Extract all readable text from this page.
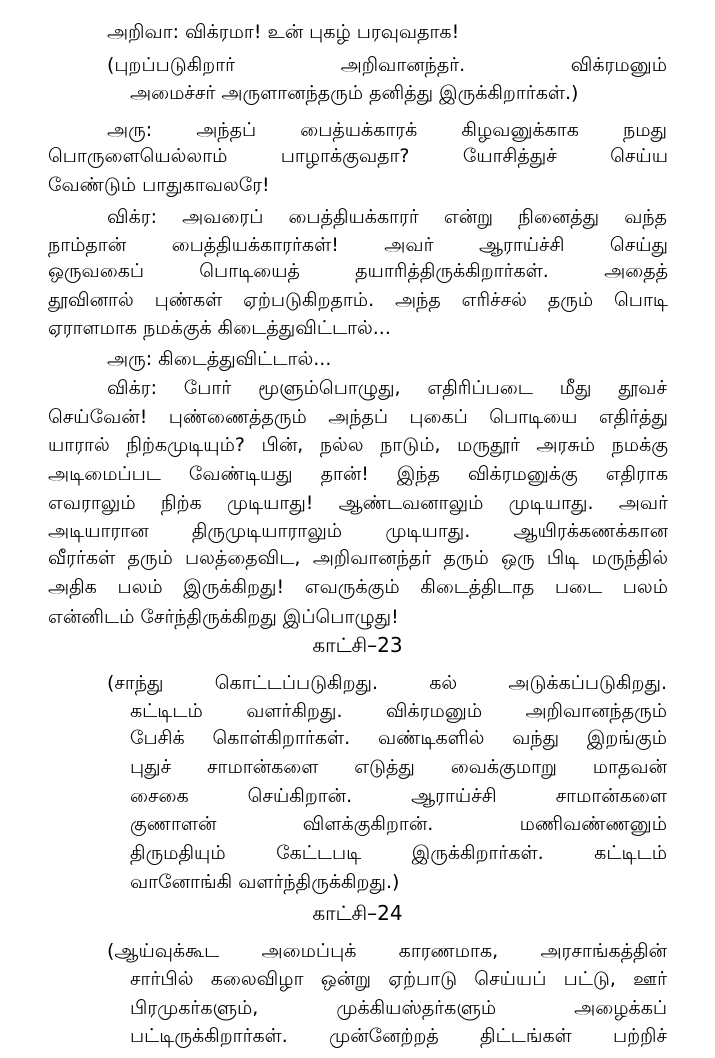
அறிவா: விக்ரமா! உன் புகழ் பரவுவதாக!
(புறப்படுகிறார் அறிவானந்தர். விக்ரமனும்
அமைச்சர் அருளானந்தரும் தனித்து இருக்கிறார்கள்.)
அரு: அந்தப் பைத்யக்காரக் கிழவனுக்காக நமது
பொருளையெல்லாம் பாழாக்குவதா? யோசித்துச் செய்ய
வேண்டும் பாதுகாவலரே!
விக்ர: அவரைப் பைத்தியக்காரர் என்று நினைத்து வந்த
நாம்தான் பைத்தியக்காரர்கள்! அவர் ஆராய்ச்சி செய்து
ஒருவகைப் பொடியைத் தயாரித்திருக்கிறார்கள். அதைத்
தூவினால் புண்கள் ஏற்படுகிறதாம். அந்த எரிச்சல் தரும் பொடி
ஏராளமாக நமக்குக் கிடைத்துவிட்டால்...
அரு: கிடைத்துவிட்டால்...
விக்ர: போர் மூளும்பொழுது, எதிரிப்படை மீது தூவச்
செய்வேன்! புண்ணைத்தரும் அந்தப் புகைப் பொடியை எதிர்த்து
யாரால் நிற்கமுடியும்? பின், நல்ல நாடும், மருதூர் அரசும் நமக்கு
அடிமைப்பட வேண்டியது தான்! இந்த விக்ரமனுக்கு எதிராக
எவராலும் நிற்க முடியாது! ஆண்டவனாலும் முடியாது. அவர்
அடியாரான திருமுடியாராலும் முடியாது. ஆயிரக்கணக்கான
வீரர்கள் தரும் பலத்தைவிட, அறிவானந்தர் தரும் ஒரு பிடி மருந்தில்
அதிக பலம் இருக்கிறது! எவருக்கும் கிடைத்திடாத படை பலம்
என்னிடம் சேர்ந்திருக்கிறது இப்பொழுது!
காட்சி–23
(சாந்து கொட்டப்படுகிறது. கல் அடுக்கப்படுகிறது.
கட்டிடம் வளர்கிறது. விக்ரமனும் அறிவானந்தரும்
பேசிக் கொள்கிறார்கள். வண்டிகளில் வந்து இறங்கும்
புதுச் சாமான்களை எடுத்து வைக்குமாறு மாதவன்
சைகை செய்கிறான். ஆராய்ச்சி சாமான்களை
குணாளன் விளக்குகிறான். மணிவண்ணனும்
திருமதியும் கேட்டபடி இருக்கிறார்கள். கட்டிடம்
வானோங்கி வளர்ந்திருக்கிறது.)
காட்சி–24
(ஆய்வுக்கூட அமைப்புக் காரணமாக, அரசாங்கத்தின்
சார்பில் கலைவிழா ஒன்று ஏற்பாடு செய்யப் பட்டு, ஊர்
பிரமுகர்களும், முக்கியஸ்தர்களும் அழைக்கப்
பட்டிருக்கிறார்கள். முன்னேற்றத் திட்டங்கள் பற்றிச்
